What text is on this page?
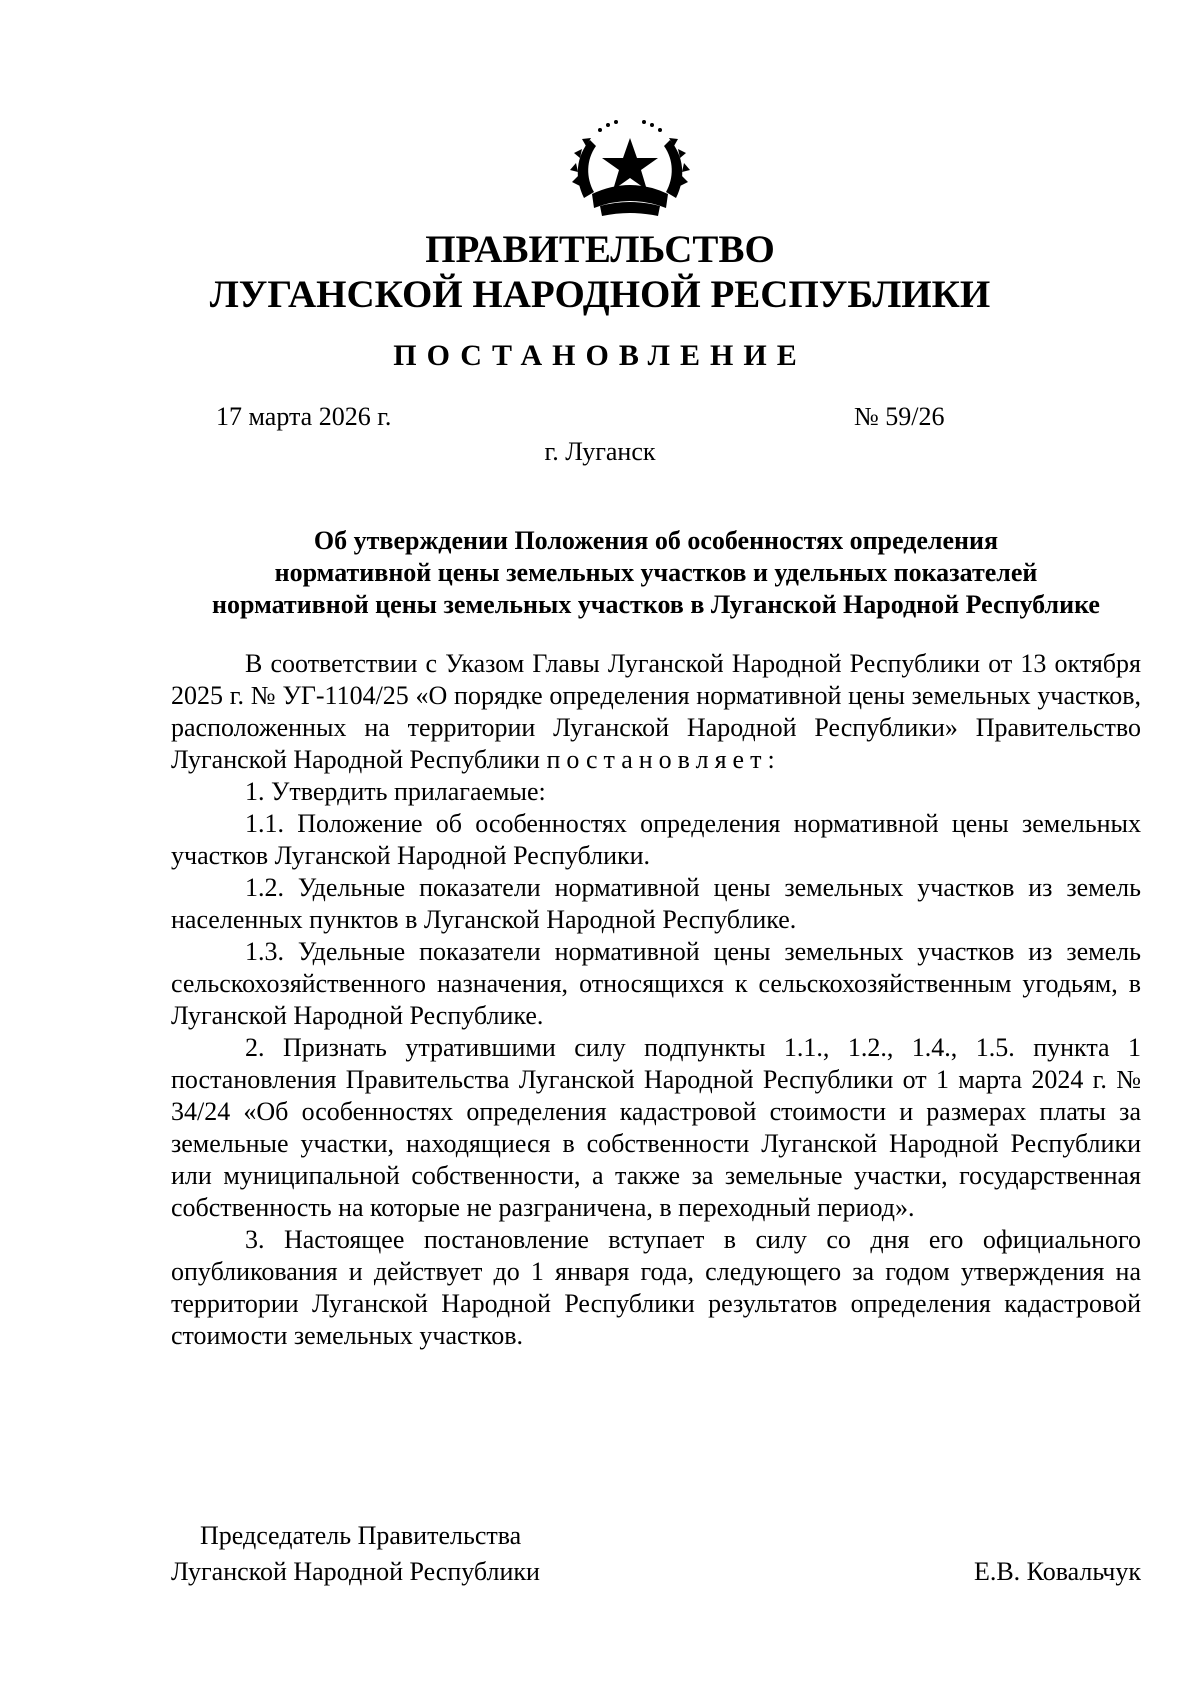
ПРАВИТЕЛЬСТВО
ЛУГАНСКОЙ НАРОДНОЙ РЕСПУБЛИКИ
ПОСТАНОВЛЕНИЕ
17 марта 2026 г.	№ 59/26
г. Луганск
Об утверждении Положения об особенностях определения
нормативной цены земельных участков и удельных показателей
нормативной цены земельных участков в Луганской Народной Республике

В соответствии с Указом Главы Луганской Народной Республики от 13 октября 2025 г. № УГ-1104/25 «О порядке определения нормативной цены земельных участков, расположенных на территории Луганской Народной Республики» Правительство Луганской Народной Республики постановляет:

1. Утвердить прилагаемые:

1.1. Положение об особенностях определения нормативной цены земельных участков Луганской Народной Республики.

1.2. Удельные показатели нормативной цены земельных участков из земель населенных пунктов в Луганской Народной Республике.

1.3. Удельные показатели нормативной цены земельных участков из земель сельскохозяйственного назначения, относящихся к сельскохозяйственным угодьям, в Луганской Народной Республике.

2. Признать утратившими силу подпункты 1.1., 1.2., 1.4., 1.5. пункта 1 постановления Правительства Луганской Народной Республики от 1 марта 2024 г. № 34/24 «Об особенностях определения кадастровой стоимости и размерах платы за земельные участки, находящиеся в собственности Луганской Народной Республики или муниципальной собственности, а также за земельные участки, государственная собственность на которые не разграничена, в переходный период».

3. Настоящее постановление вступает в силу со дня его официального опубликования и действует до 1 января года, следующего за годом утверждения на территории Луганской Народной Республики результатов определения кадастровой стоимости земельных участков.

Председатель Правительства
Луганской Народной Республики	Е.В. Ковальчук
